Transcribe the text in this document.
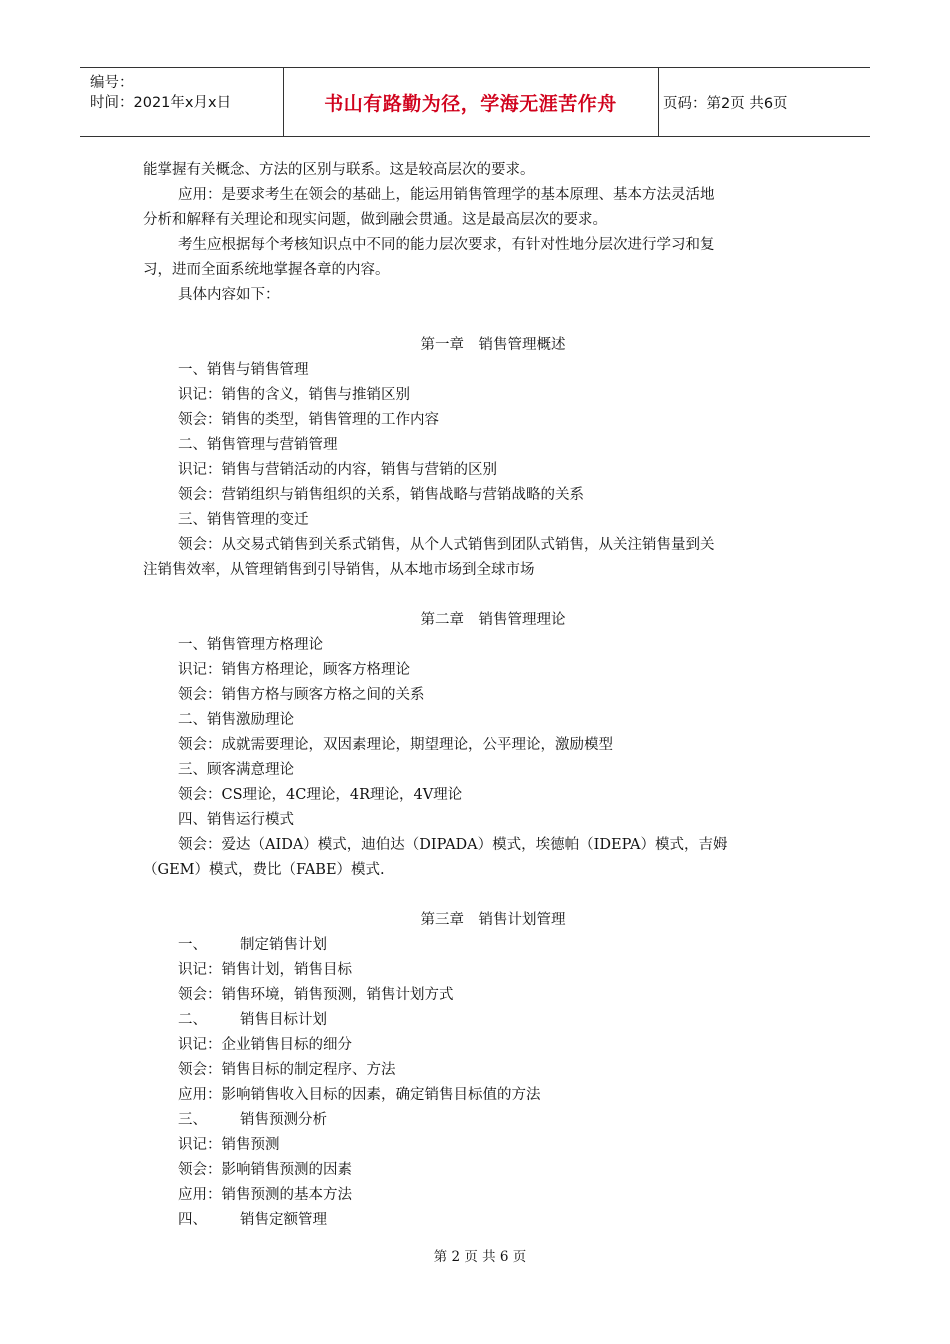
编号：
时间：2021年x月x日	书山有路勤为径，学海无涯苦作舟	页码：第2页 共6页

能掌握有关概念、方法的区别与联系。这是较高层次的要求。

应用：是要求考生在领会的基础上，能运用销售管理学的基本原理、基本方法灵活地

分析和解释有关理论和现实问题，做到融会贯通。这是最高层次的要求。

考生应根据每个考核知识点中不同的能力层次要求，有针对性地分层次进行学习和复

习，进而全面系统地掌握各章的内容。

具体内容如下：

第一章　销售管理概述

一、销售与销售管理

识记：销售的含义，销售与推销区别

领会：销售的类型，销售管理的工作内容

二、销售管理与营销管理

识记：销售与营销活动的内容，销售与营销的区别

领会：营销组织与销售组织的关系，销售战略与营销战略的关系

三、销售管理的变迁

领会：从交易式销售到关系式销售，从个人式销售到团队式销售，从关注销售量到关

注销售效率，从管理销售到引导销售，从本地市场到全球市场

第二章　销售管理理论

一、销售管理方格理论

识记：销售方格理论，顾客方格理论

领会：销售方格与顾客方格之间的关系

二、销售激励理论

领会：成就需要理论，双因素理论，期望理论，公平理论，激励模型

三、顾客满意理论

领会：CS理论，4C理论，4R理论，4V理论

四、销售运行模式

领会：爱达（AIDA）模式，迪伯达（DIPADA）模式，埃德帕（IDEPA）模式，吉姆

（GEM）模式，费比（FABE）模式.

第三章　销售计划管理

一、 制定销售计划

识记：销售计划，销售目标

领会：销售环境，销售预测，销售计划方式

二、 销售目标计划

识记：企业销售目标的细分

领会：销售目标的制定程序、方法

应用：影响销售收入目标的因素，确定销售目标值的方法

三、 销售预测分析

识记：销售预测

领会：影响销售预测的因素

应用：销售预测的基本方法

四、 销售定额管理

第 2 页 共 6 页
